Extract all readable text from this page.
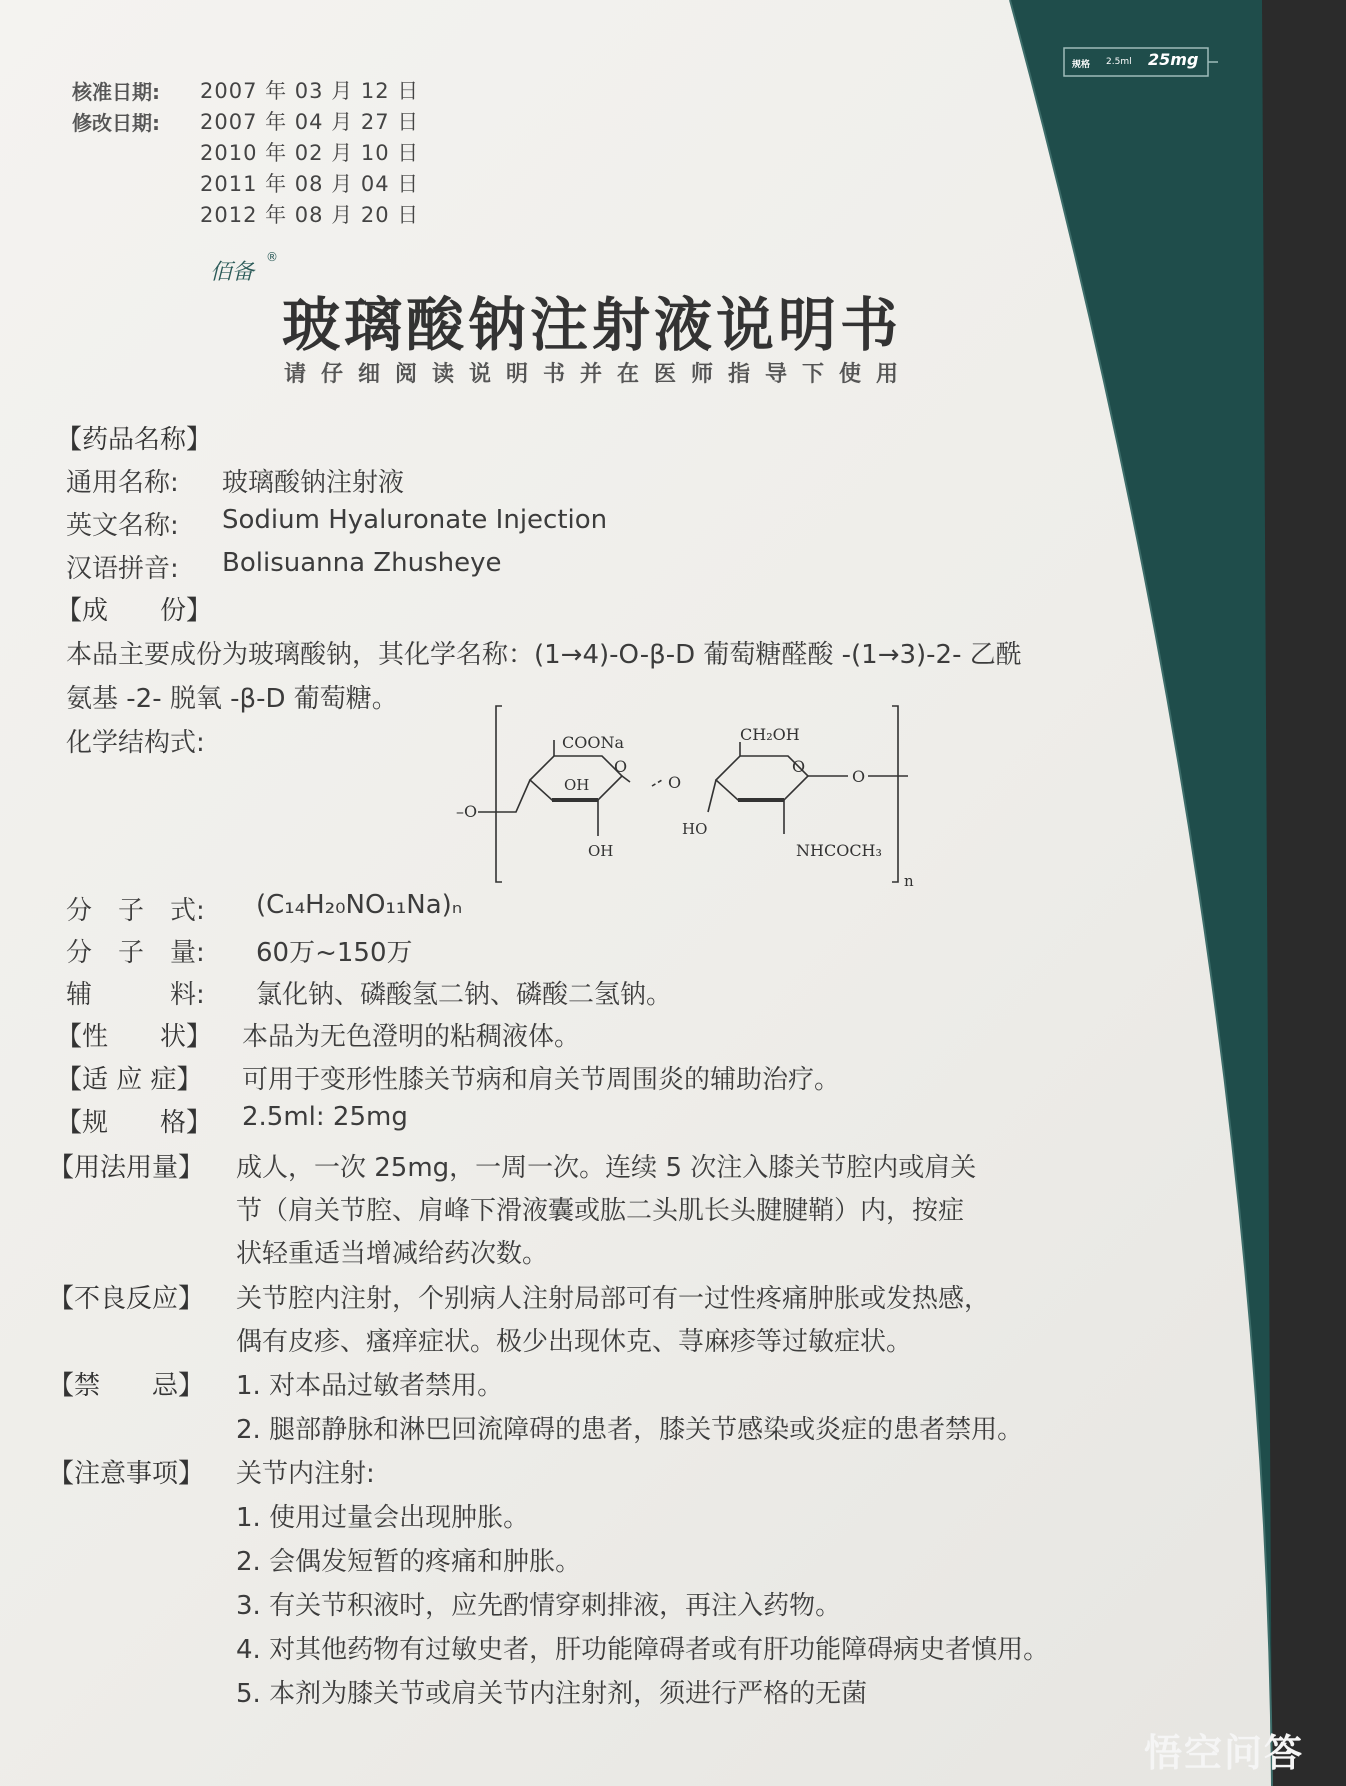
规格 2.5ml 25mg
核准日期: 2007 年 03 月 12 日
修改日期: 2007 年 04 月 27 日
2010 年 02 月 10 日
2011 年 08 月 04 日
2012 年 08 月 20 日
佰备
®
玻璃酸钠注射液说明书
请仔细阅读说明书并在医师指导下使用
【药品名称】
通用名称: 玻璃酸钠注射液
英文名称: Sodium Hyaluronate Injection
汉语拼音: Bolisuanna Zhusheye
【成　　份】
本品主要成份为玻璃酸钠，其化学名称：(1→4)-O-β-D 葡萄糖醛酸 -(1→3)-2- 乙酰
氨基 -2- 脱氧 -β-D 葡萄糖。
化学结构式:	COONa
OH
O
–O
OH
O
CH₂OH
HO
O
O
NHCOCH₃
n
分　子　式: (C₁₄H₂₀NO₁₁Na)ₙ
分　子　量: 60万~150万
辅　　　料: 氯化钠、磷酸氢二钠、磷酸二氢钠。
【性　　状】 本品为无色澄明的粘稠液体。
【适 应 症】 可用于变形性膝关节病和肩关节周围炎的辅助治疗。
【规　　格】 2.5ml: 25mg
【用法用量】 成人，一次 25mg，一周一次。连续 5 次注入膝关节腔内或肩关
节（肩关节腔、肩峰下滑液囊或肱二头肌长头腱腱鞘）内，按症
状轻重适当增减给药次数。
【不良反应】 关节腔内注射，个别病人注射局部可有一过性疼痛肿胀或发热感，
偶有皮疹、瘙痒症状。极少出现休克、荨麻疹等过敏症状。
【禁　　忌】 1. 对本品过敏者禁用。
2. 腿部静脉和淋巴回流障碍的患者，膝关节感染或炎症的患者禁用。
【注意事项】 关节内注射:
1. 使用过量会出现肿胀。
2. 会偶发短暂的疼痛和肿胀。
3. 有关节积液时，应先酌情穿刺排液，再注入药物。
4. 对其他药物有过敏史者，肝功能障碍者或有肝功能障碍病史者慎用。
5. 本剂为膝关节或肩关节内注射剂，须进行严格的无菌
悟空问答
